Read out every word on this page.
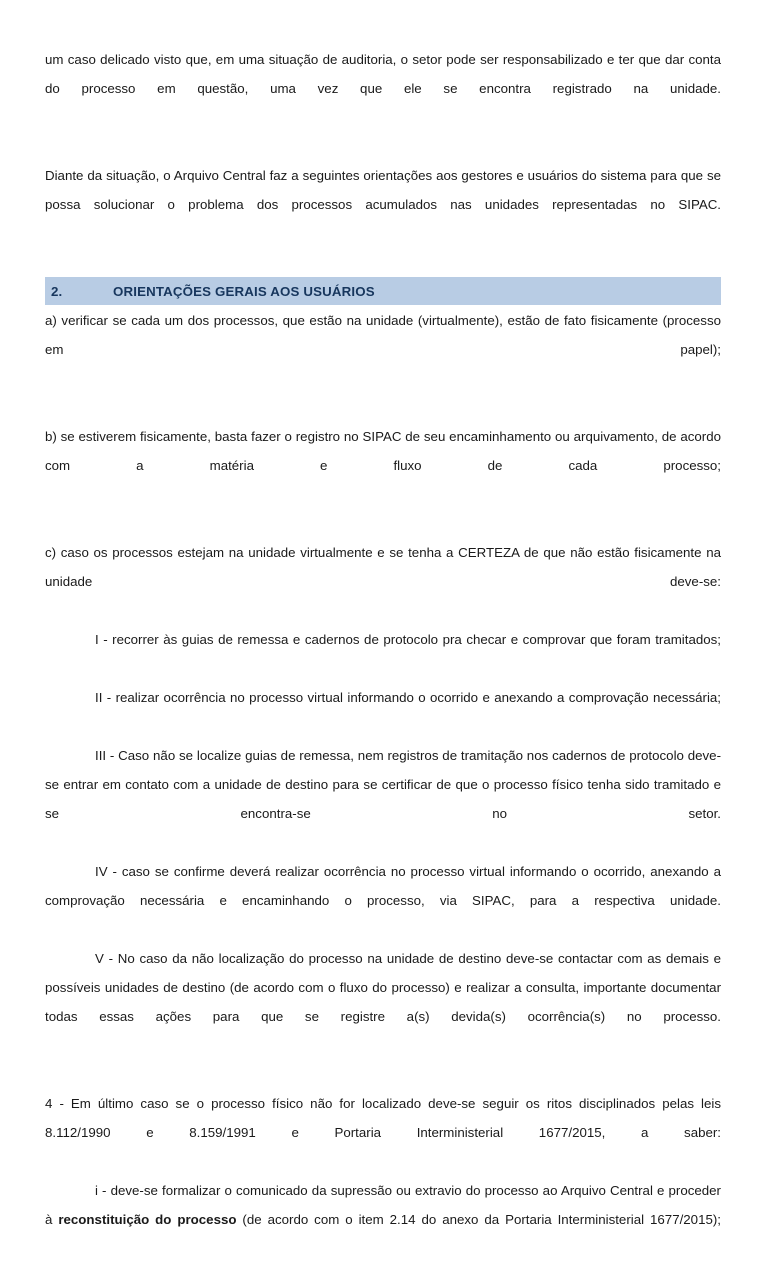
um caso delicado visto que, em uma situação de auditoria, o setor pode ser responsabilizado e ter que dar conta do processo em questão, uma vez que ele se encontra registrado na unidade.

Diante da situação, o Arquivo Central faz a seguintes orientações aos gestores e usuários do sistema para que se possa solucionar o problema dos processos acumulados nas unidades representadas no SIPAC.

2.	ORIENTAÇÕES GERAIS AOS USUÁRIOS

a) verificar se cada um dos processos, que estão na unidade (virtualmente), estão de fato fisicamente (processo em papel);

b) se estiverem fisicamente, basta fazer o registro no SIPAC de seu encaminhamento ou arquivamento, de acordo com a matéria e fluxo de cada processo;

c) caso os processos estejam na unidade virtualmente e se tenha a CERTEZA de que não estão fisicamente na unidade deve-se:

I - recorrer às guias de remessa e cadernos de protocolo pra checar e comprovar que foram tramitados;

II - realizar ocorrência no processo virtual informando o ocorrido e anexando a comprovação necessária;

III - Caso não se localize guias de remessa, nem registros de tramitação nos cadernos de protocolo deve-se entrar em contato com a unidade de destino para se certificar de que o processo físico tenha sido tramitado e se encontra-se no setor.

IV - caso se confirme deverá realizar ocorrência no processo virtual informando o ocorrido, anexando a comprovação necessária e encaminhando o processo, via SIPAC, para a respectiva unidade.

V - No caso da não localização do processo na unidade de destino deve-se contactar com as demais e possíveis unidades de destino (de acordo com o fluxo do processo) e realizar a consulta, importante documentar todas essas ações para que se registre a(s) devida(s) ocorrência(s) no processo.

4 - Em último caso se o processo físico não for localizado deve-se seguir os ritos disciplinados pelas leis 8.112/1990 e 8.159/1991 e Portaria Interministerial 1677/2015, a saber:

i - deve-se formalizar o comunicado da supressão ou extravio do processo ao Arquivo Central e proceder à reconstituição do processo (de acordo com o item 2.14 do anexo da Portaria Interministerial 1677/2015);
